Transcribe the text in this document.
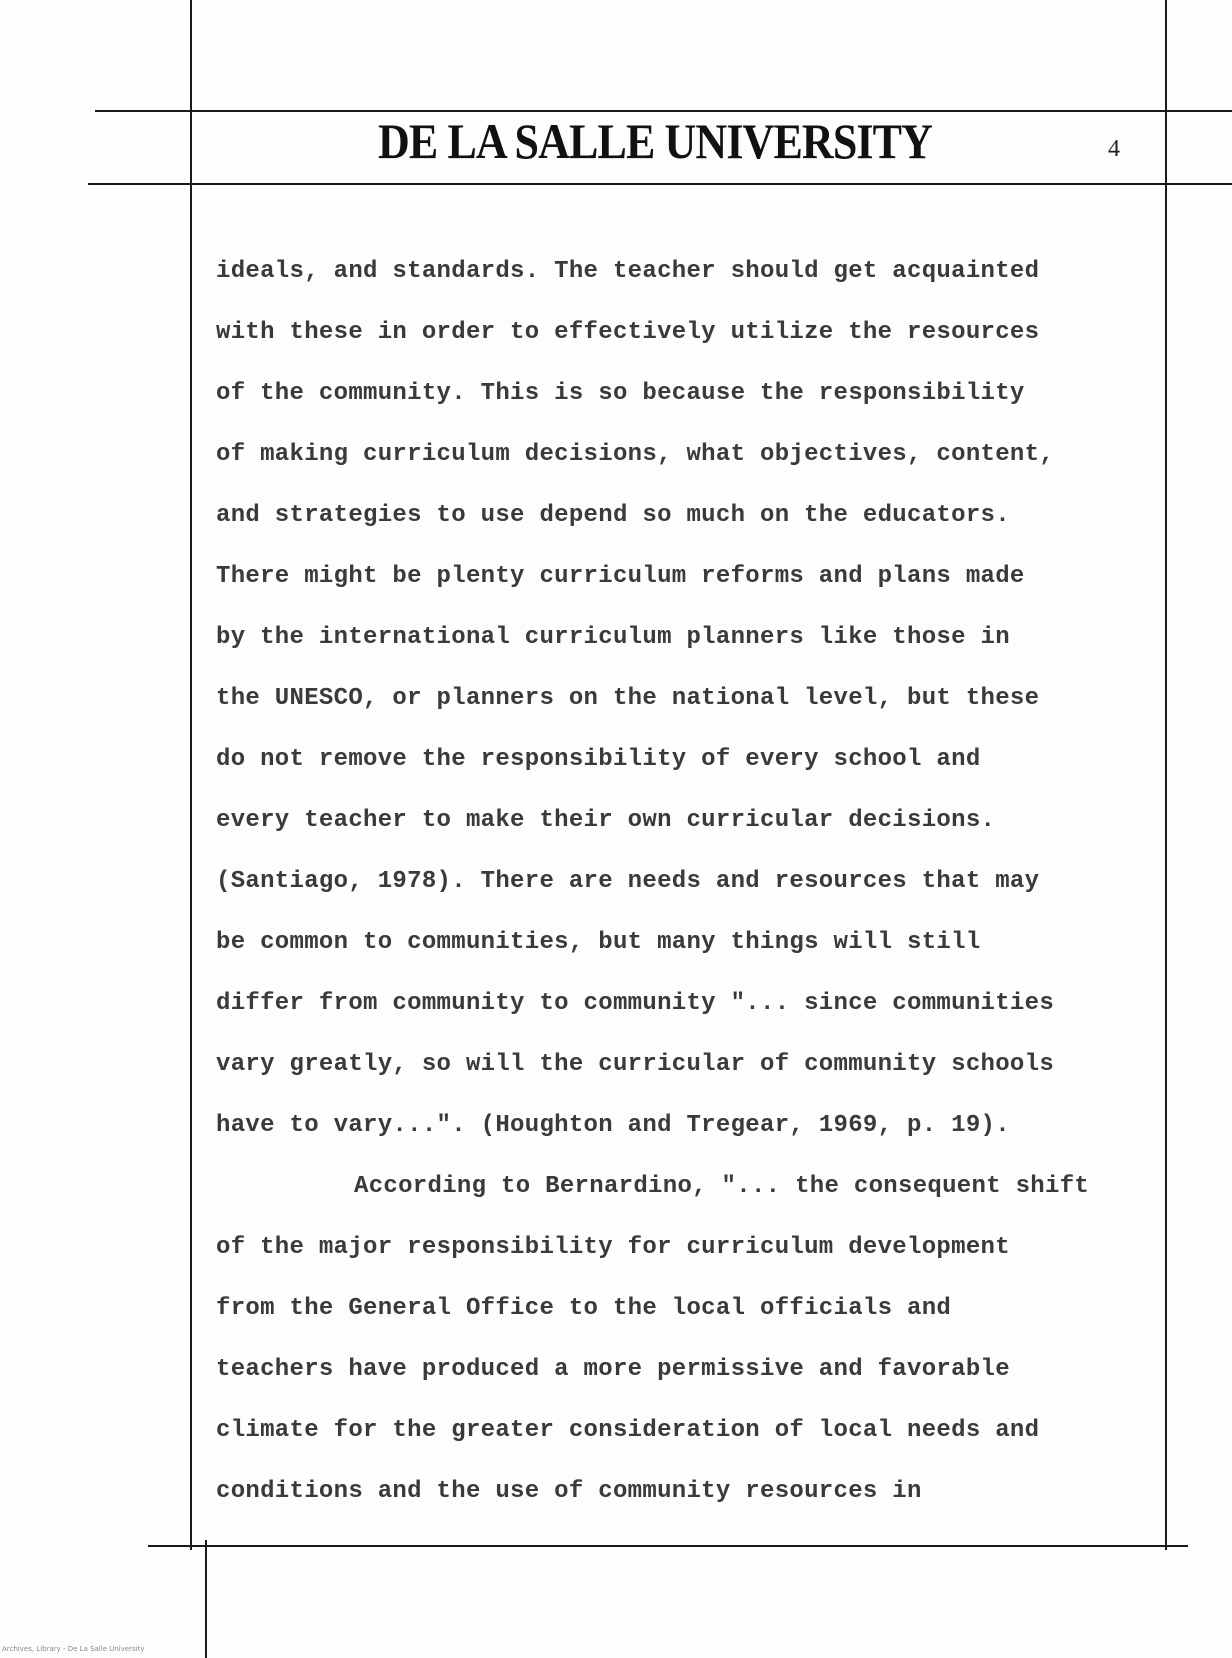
DE LA SALLE UNIVERSITY	4
ideals, and standards. The teacher should get acquainted
with these in order to effectively utilize the resources
of the community. This is so because the responsibility
of making curriculum decisions, what objectives, content,
and strategies to use depend so much on the educators.
There might be plenty curriculum reforms and plans made
by the international curriculum planners like those in
the UNESCO, or planners on the national level, but these
do not remove the responsibility of every school and
every teacher to make their own curricular decisions.
(Santiago, 1978). There are needs and resources that may
be common to communities, but many things will still
differ from community to community "... since communities
vary greatly, so will the curricular of community schools
have to vary...". (Houghton and Tregear, 1969, p. 19).
According to Bernardino, "... the consequent shift
of the major responsibility for curriculum development
from the General Office to the local officials and
teachers have produced a more permissive and favorable
climate for the greater consideration of local needs and
conditions and the use of community resources in
Archives, Library - De La Salle University
